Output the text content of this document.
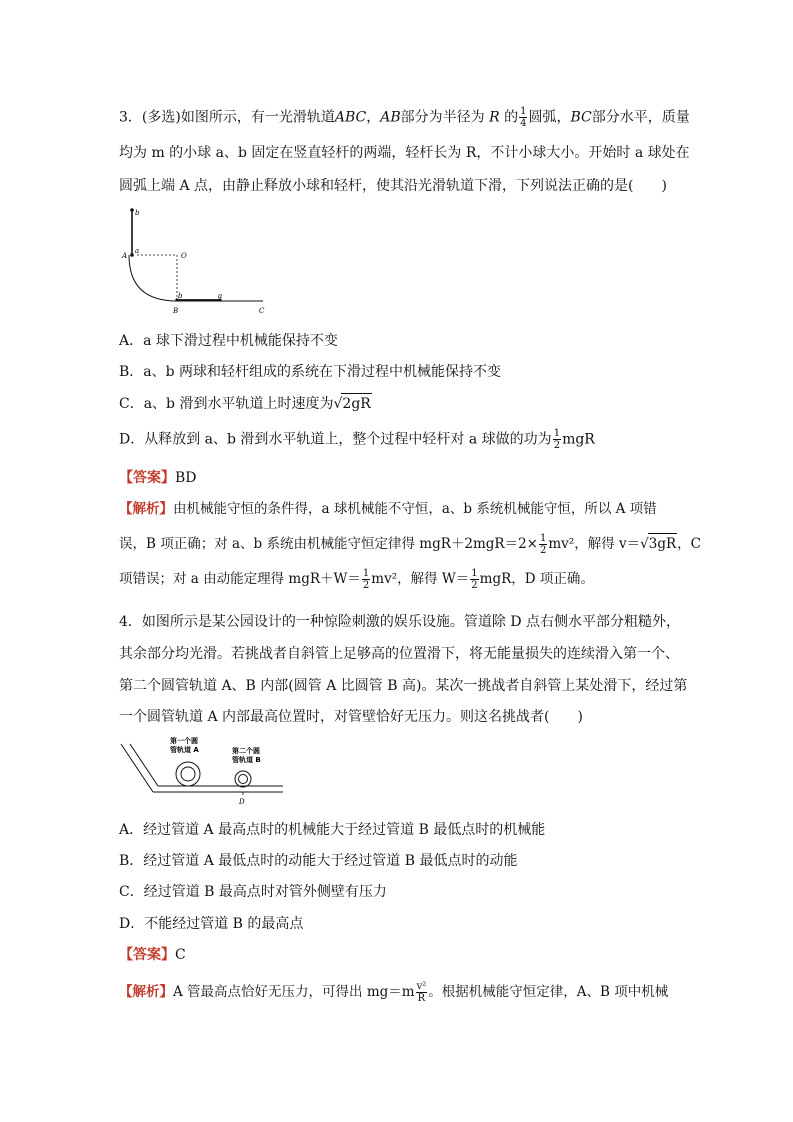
3．(多选)如图所示，有一光滑轨道ABC，AB部分为半径为 R 的 $\frac{1}{4}$ 圆弧，BC部分水平，质量
均为 m 的小球 a、b 固定在竖直轻杆的两端，轻杆长为 R，不计小球大小。开始时 a 球处在
圆弧上端 A 点，由静止释放小球和轻杆，使其沿光滑轨道下滑，下列说法正确的是(　　)
b
a
A	O
b	a
B	C
A．a 球下滑过程中机械能保持不变
B．a、b 两球和轻杆组成的系统在下滑过程中机械能保持不变
C．a、b 滑到水平轨道上时速度为√2gR
D．从释放到 a、b 滑到水平轨道上，整个过程中轻杆对 a 球做的功为 $\frac{1}{2}$ mgR
【答案】BD
【解析】由机械能守恒的条件得，a 球机械能不守恒，a、b 系统机械能守恒，所以 A 项错
误，B 项正确；对 a、b 系统由机械能守恒定律得 $mgR+2mgR=2\times \frac{1}{2} mv^2$，解得 v＝√3gR，C
项错误；对 a 由动能定理得 $mgR+W= \frac{1}{2} mv^2$，解得 $W= \frac{1}{2}$ mgR，D 项正确。
4．如图所示是某公园设计的一种惊险刺激的娱乐设施。管道除 D 点右侧水平部分粗糙外，
其余部分均光滑。若挑战者自斜管上足够高的位置滑下，将无能量损失的连续滑入第一个、
第二个圆管轨道 A、B 内部(圆管 A 比圆管 B 高)。某次一挑战者自斜管上某处滑下，经过第
一个圆管轨道 A 内部最高位置时，对管壁恰好无压力。则这名挑战者(　　)
第一个圆
管轨道 A	第二个圆
管轨道 B
D
A．经过管道 A 最高点时的机械能大于经过管道 B 最低点时的机械能
B．经过管道 A 最低点时的动能大于经过管道 B 最低点时的动能
C．经过管道 B 最高点时对管外侧壁有压力
D．不能经过管道 B 的最高点
【答案】C
【解析】A 管最高点恰好无压力，可得出 $mg=m \frac{\text{v²}}{R}$ 。根据机械能守恒定律，A、B 项中机械
